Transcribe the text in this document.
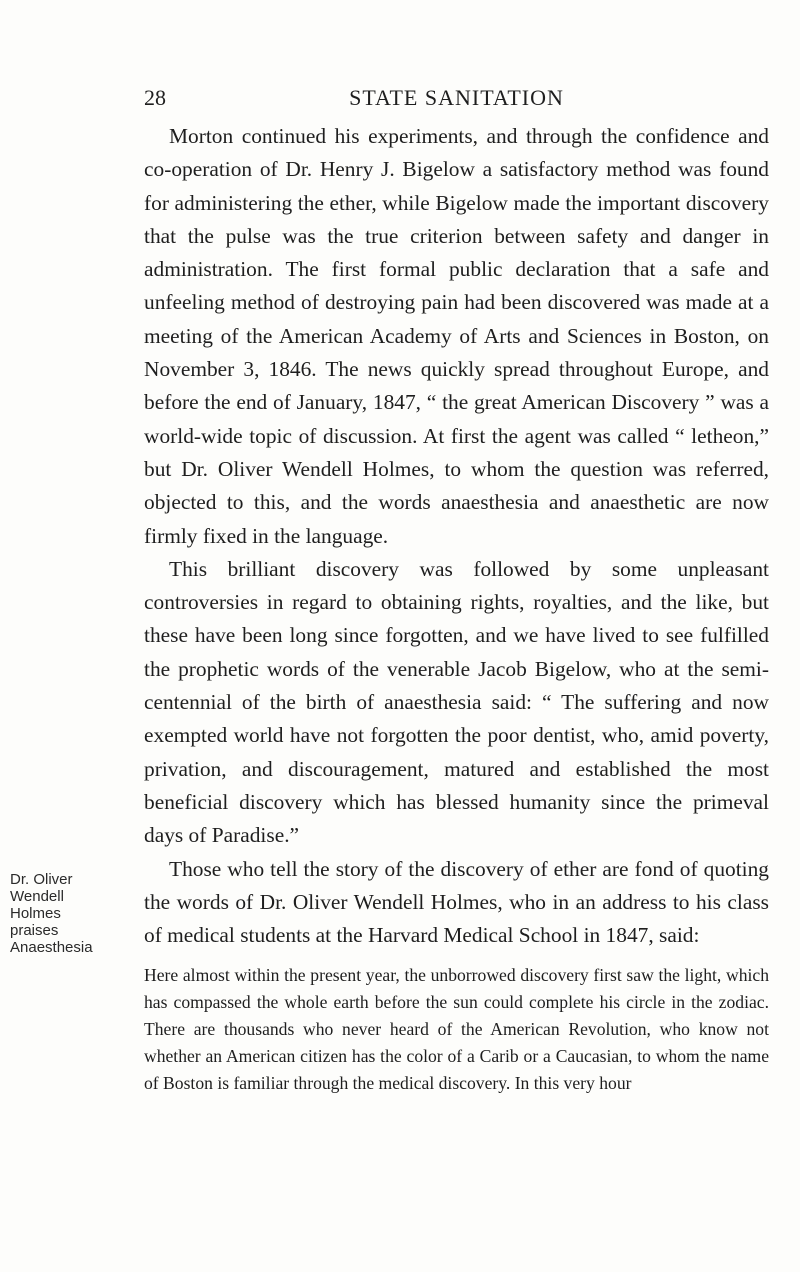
28	STATE SANITATION
Dr. Oliver
Wendell
Holmes
praises
Anaesthesia

Morton continued his experiments, and through the confidence and co-operation of Dr. Henry J. Bigelow a satisfactory method was found for administering the ether, while Bigelow made the important discovery that the pulse was the true criterion between safety and danger in administration. The first formal public declaration that a safe and unfeeling method of destroying pain had been discovered was made at a meeting of the American Academy of Arts and Sciences in Boston, on November 3, 1846. The news quickly spread throughout Europe, and before the end of January, 1847, “ the great American Discovery ” was a world-wide topic of discussion. At first the agent was called “ letheon,” but Dr. Oliver Wendell Holmes, to whom the question was referred, objected to this, and the words anaesthesia and anaesthetic are now firmly fixed in the language.

This brilliant discovery was followed by some unpleasant controversies in regard to obtaining rights, royalties, and the like, but these have been long since forgotten, and we have lived to see fulfilled the prophetic words of the venerable Jacob Bigelow, who at the semi-centennial of the birth of anaesthesia said: “ The suffering and now exempted world have not forgotten the poor dentist, who, amid poverty, privation, and discouragement, matured and established the most beneficial discovery which has blessed humanity since the primeval days of Paradise.”

Those who tell the story of the discovery of ether are fond of quoting the words of Dr. Oliver Wendell Holmes, who in an address to his class of medical students at the Harvard Medical School in 1847, said:

Here almost within the present year, the unborrowed discovery first saw the light, which has compassed the whole earth before the sun could complete his circle in the zodiac. There are thousands who never heard of the American Revolution, who know not whether an American citizen has the color of a Carib or a Caucasian, to whom the name of Boston is familiar through the medical discovery. In this very hour
